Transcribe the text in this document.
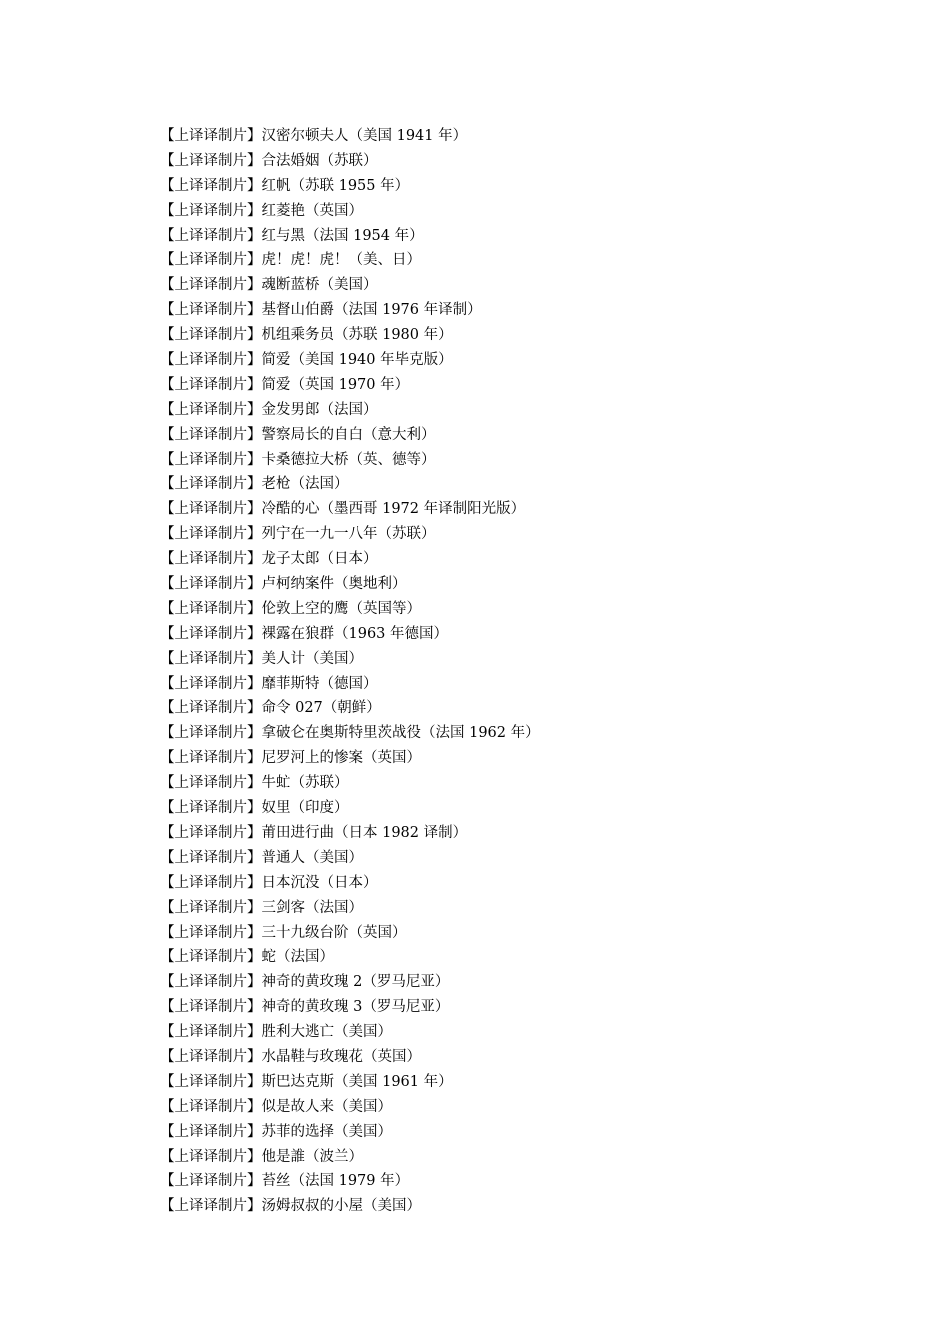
【上译译制片】汉密尔顿夫人（美国 1941 年）
【上译译制片】合法婚姻（苏联）
【上译译制片】红帆（苏联 1955 年）
【上译译制片】红菱艳（英国）
【上译译制片】红与黑（法国 1954 年）
【上译译制片】虎！虎！虎！（美、日）
【上译译制片】魂断蓝桥（美国）
【上译译制片】基督山伯爵（法国 1976 年译制）
【上译译制片】机组乘务员（苏联 1980 年）
【上译译制片】简爱（美国 1940 年毕克版）
【上译译制片】简爱（英国 1970 年）
【上译译制片】金发男郎（法国）
【上译译制片】警察局长的自白（意大利）
【上译译制片】卡桑德拉大桥（英、德等）
【上译译制片】老枪（法国）
【上译译制片】冷酷的心（墨西哥 1972 年译制阳光版）
【上译译制片】列宁在一九一八年（苏联）
【上译译制片】龙子太郎（日本）
【上译译制片】卢柯纳案件（奥地利）
【上译译制片】伦敦上空的鹰（英国等）
【上译译制片】裸露在狼群（1963 年德国）
【上译译制片】美人计（美国）
【上译译制片】靡菲斯特（德国）
【上译译制片】命令 027（朝鲜）
【上译译制片】拿破仑在奥斯特里茨战役（法国 1962 年）
【上译译制片】尼罗河上的惨案（英国）
【上译译制片】牛虻（苏联）
【上译译制片】奴里（印度）
【上译译制片】莆田进行曲（日本 1982 译制）
【上译译制片】普通人（美国）
【上译译制片】日本沉没（日本）
【上译译制片】三剑客（法国）
【上译译制片】三十九级台阶（英国）
【上译译制片】蛇（法国）
【上译译制片】神奇的黄玫瑰 2（罗马尼亚）
【上译译制片】神奇的黄玫瑰 3（罗马尼亚）
【上译译制片】胜利大逃亡（美国）
【上译译制片】水晶鞋与玫瑰花（英国）
【上译译制片】斯巴达克斯（美国 1961 年）
【上译译制片】似是故人来（美国）
【上译译制片】苏菲的选择（美国）
【上译译制片】他是誰（波兰）
【上译译制片】苔丝（法国 1979 年）
【上译译制片】汤姆叔叔的小屋（美国）
